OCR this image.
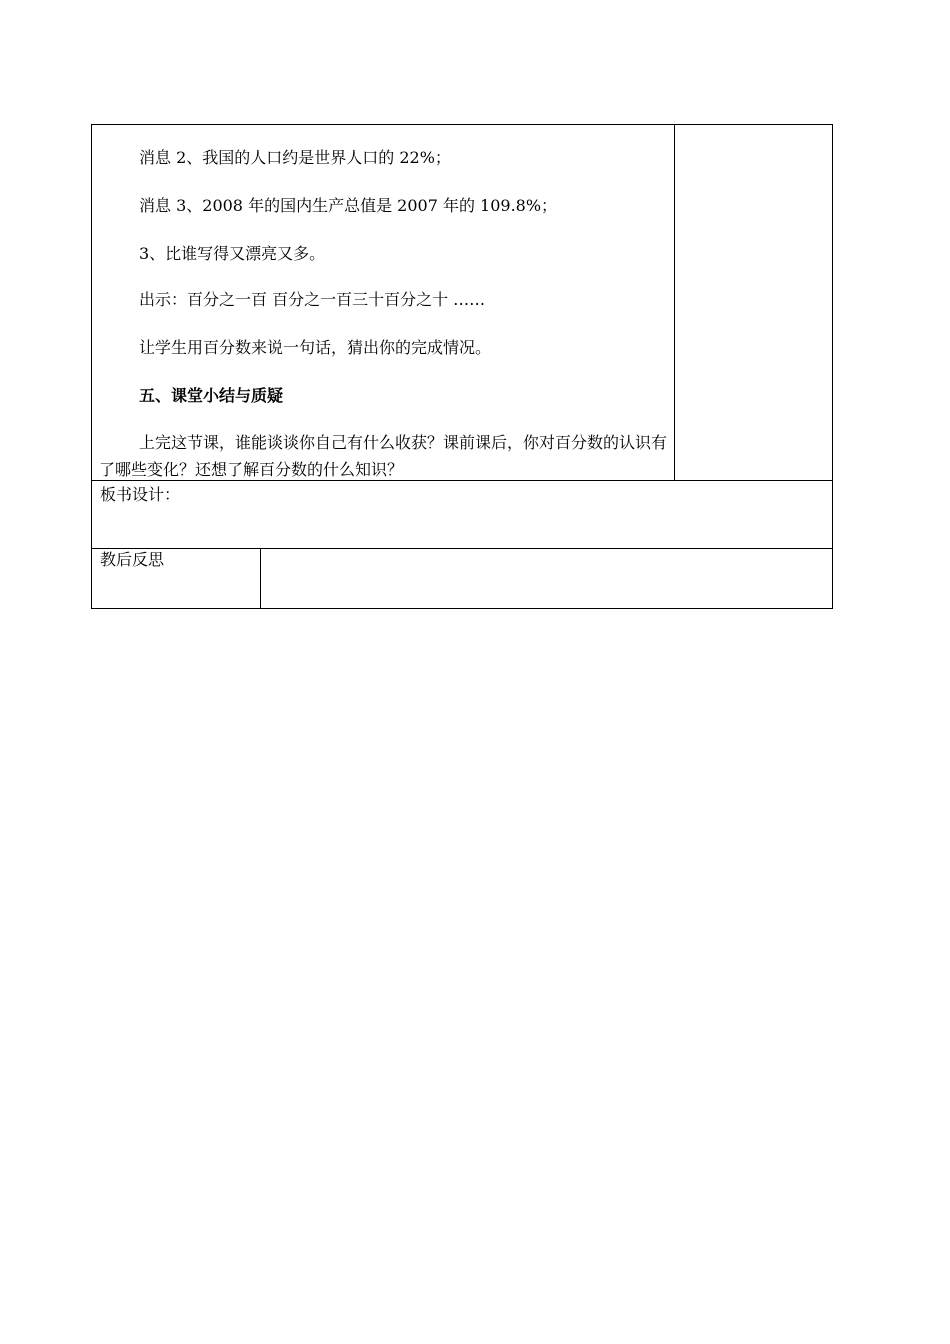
消息 2、我国的人口约是世界人口的 22%；
消息 3、2008 年的国内生产总值是 2007 年的 109.8%；
3、比谁写得又漂亮又多。
出示：百分之一百 百分之一百三十百分之十 ……
让学生用百分数来说一句话，猜出你的完成情况。
五、课堂小结与质疑
上完这节课，谁能谈谈你自己有什么收获？课前课后，你对百分数的认识有了哪些变化？还想了解百分数的什么知识？
板书设计：
教后反思
